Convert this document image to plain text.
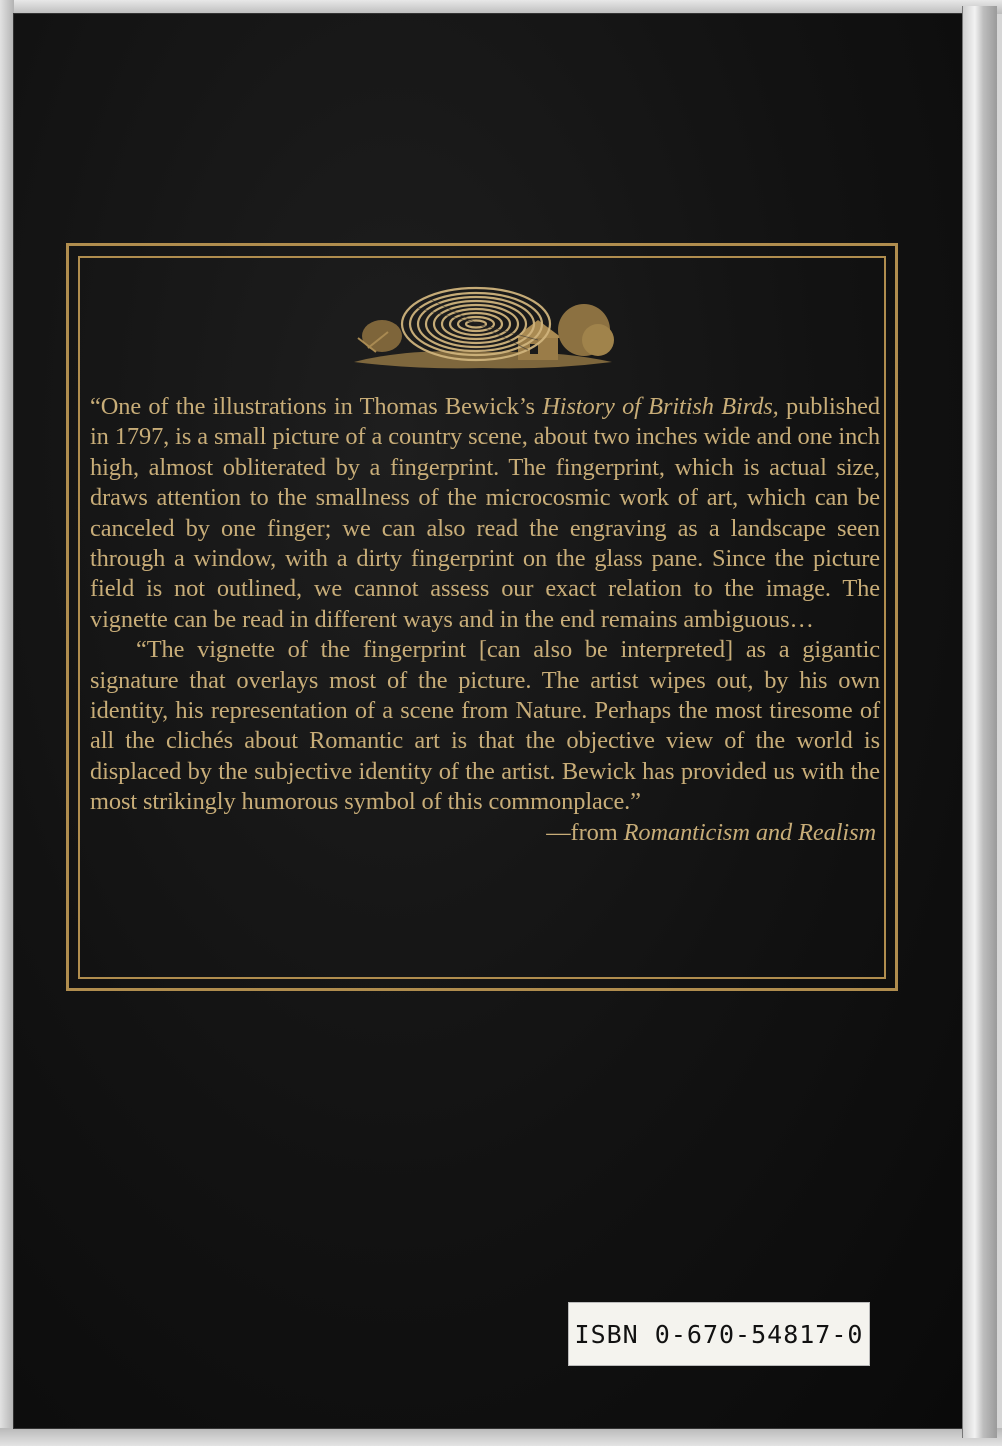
“One of the illustrations in Thomas Bewick’s History of British Birds, published in 1797, is a small picture of a country scene, about two inches wide and one inch high, almost obliterated by a fingerprint. The fingerprint, which is actual size, draws attention to the smallness of the microcosmic work of art, which can be canceled by one finger; we can also read the engraving as a landscape seen through a window, with a dirty fingerprint on the glass pane. Since the picture field is not outlined, we cannot assess our exact relation to the image. The vignette can be read in different ways and in the end remains ambiguous…

“The vignette of the fingerprint [can also be interpreted] as a gigantic signature that overlays most of the picture. The artist wipes out, by his own identity, his representation of a scene from Nature. Perhaps the most tiresome of all the clichés about Romantic art is that the objective view of the world is displaced by the subjective identity of the artist. Bewick has provided us with the most strikingly humorous symbol of this commonplace.”

—from Romanticism and Realism
ISBN 0-670-54817-0
